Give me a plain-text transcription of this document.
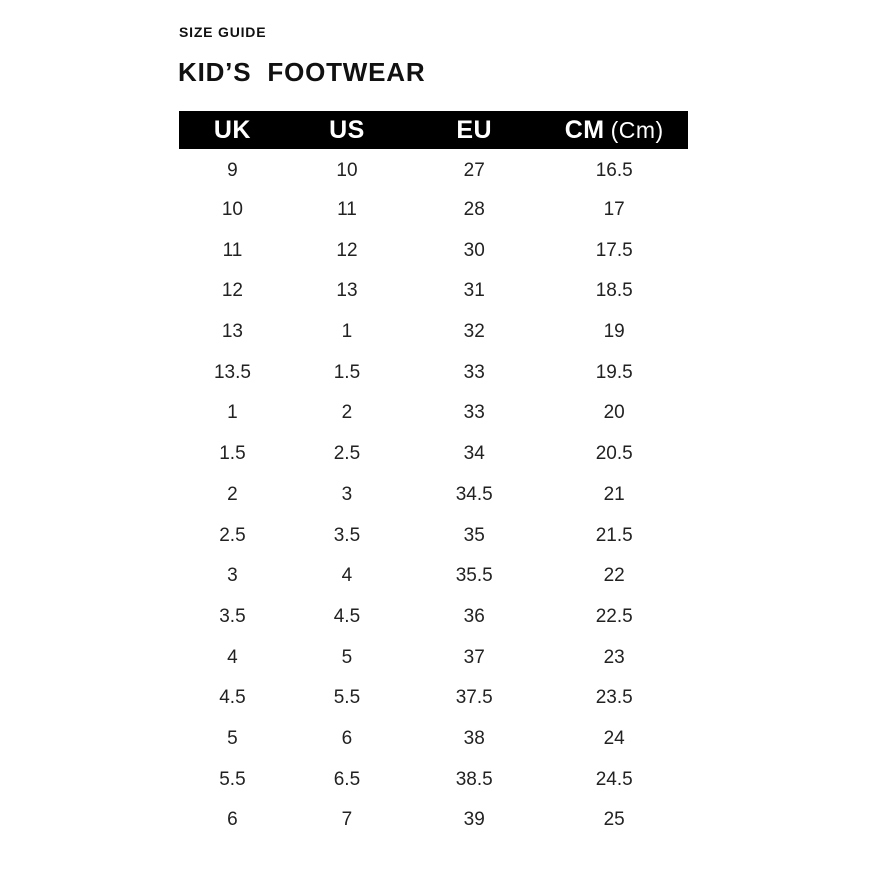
SIZE GUIDE
KID’S  FOOTWEAR
UK	US	EU	CM (Cm)
9	10	27	16.5
10	11	28	17
11	12	30	17.5
12	13	31	18.5
13	1	32	19
13.5	1.5	33	19.5
1	2	33	20
1.5	2.5	34	20.5
2	3	34.5	21
2.5	3.5	35	21.5
3	4	35.5	22
3.5	4.5	36	22.5
4	5	37	23
4.5	5.5	37.5	23.5
5	6	38	24
5.5	6.5	38.5	24.5
6	7	39	25
